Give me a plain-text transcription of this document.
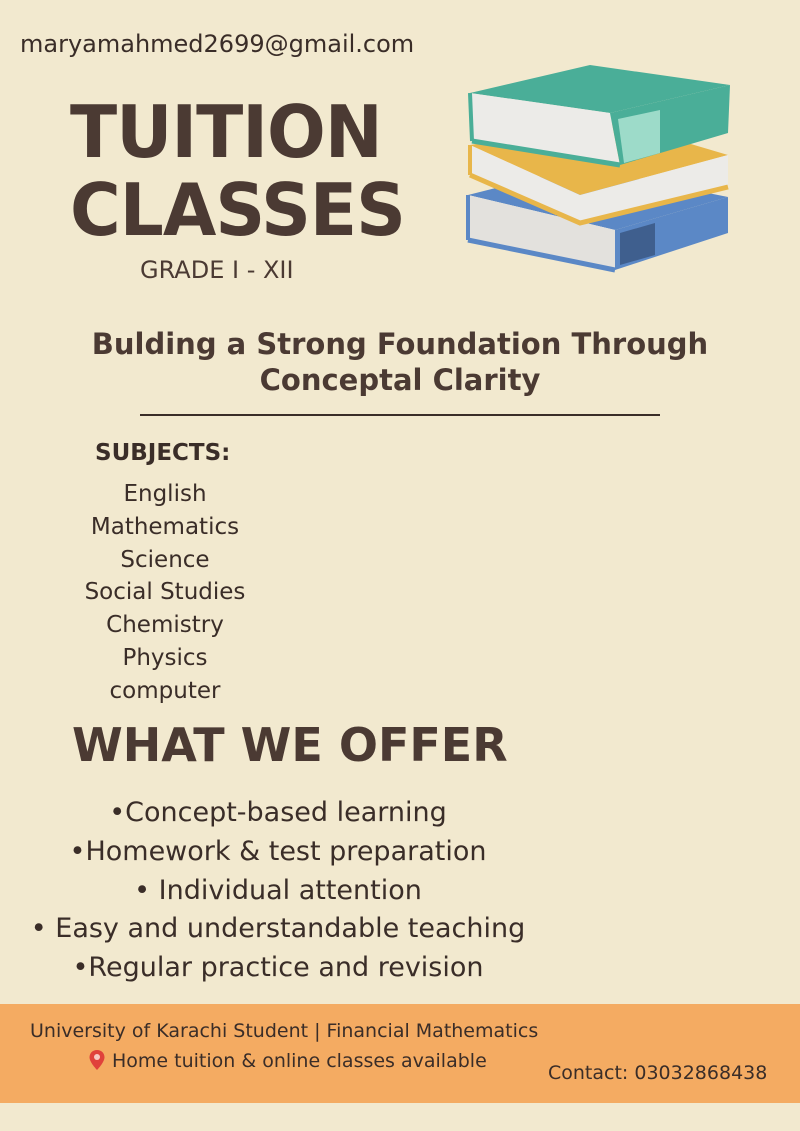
maryamahmed2699@gmail.com
TUITION
CLASSES
GRADE I - XII
Bulding a Strong Foundation Through
Conceptal Clarity
SUBJECTS:
English
Mathematics
Science
Social Studies
Chemistry
Physics
computer
WHAT WE OFFER
•Concept-based learning
•Homework & test preparation
• Individual attention
• Easy and understandable teaching
•Regular practice and revision
University of Karachi Student | Financial Mathematics
Home tuition & online classes available
Contact: 03032868438
